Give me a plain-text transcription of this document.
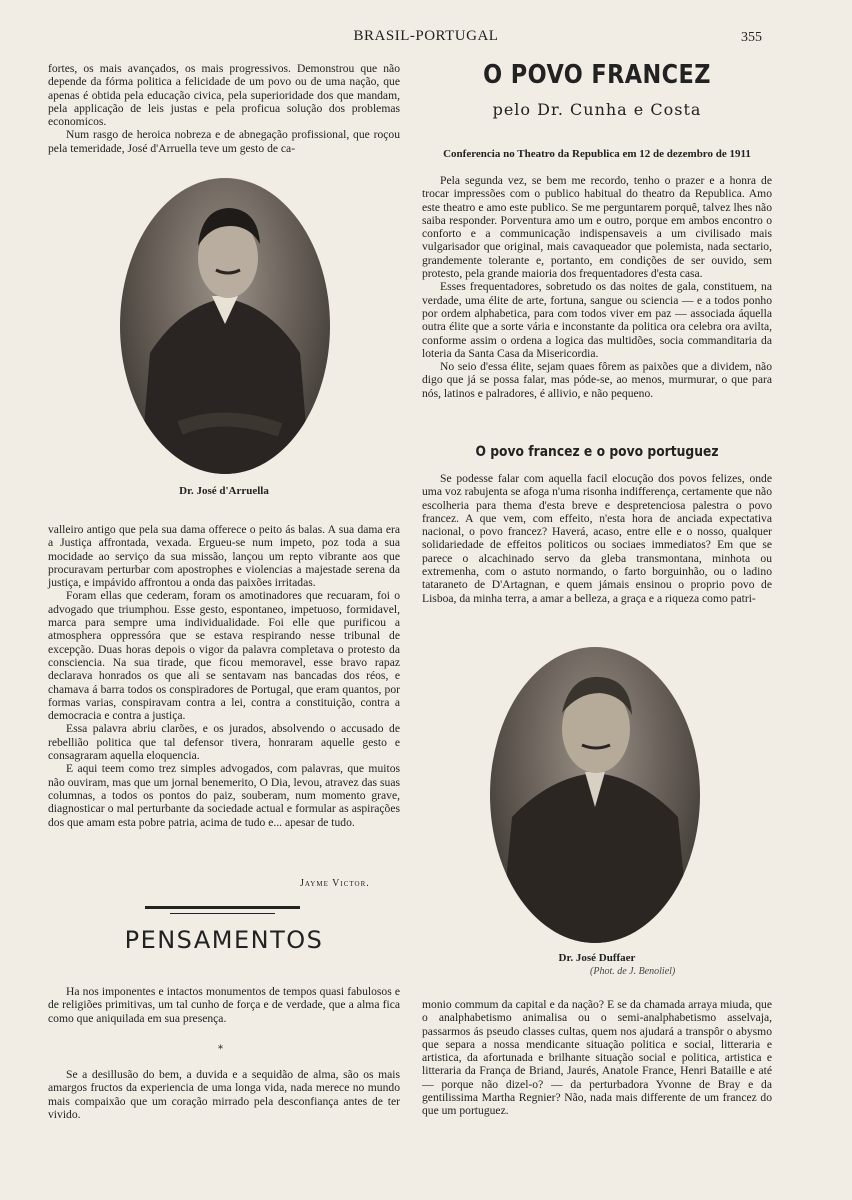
BRASIL-PORTUGAL	355

fortes, os mais avançados, os mais progressivos. Demonstrou que não depende da fórma politica a felicidade de um povo ou de uma nação, que apenas é obtida pela educação civica, pela superioridade dos que mandam, pela applicação de leis justas e pela proficua solução dos problemas economicos.

Num rasgo de heroica nobreza e de abnegação profissional, que roçou pela temeridade, José d'Arruella teve um gesto de ca-

Dr. José d'Arruella

valleiro antigo que pela sua dama offerece o peito ás balas. A sua dama era a Justiça affrontada, vexada. Ergueu-se num impeto, poz toda a sua mocidade ao serviço da sua missão, lançou um repto vibrante aos que procuravam perturbar com apostrophes e violencias a majestade serena da justiça, e impávido affrontou a onda das paixões irritadas.

Foram ellas que cederam, foram os amotinadores que recuaram, foi o advogado que triumphou. Esse gesto, espontaneo, impetuoso, formidavel, marca para sempre uma individualidade. Foi elle que purificou a atmosphera oppressóra que se estava respirando nesse tribunal de excepção. Duas horas depois o vigor da palavra completava o protesto da consciencia. Na sua tirade, que ficou memoravel, esse bravo rapaz declarava honrados os que ali se sentavam nas bancadas dos réos, e chamava á barra todos os conspiradores de Portugal, que eram quantos, por formas varias, conspiravam contra a lei, contra a constituição, contra a democracia e contra a justiça.

Essa palavra abriu clarões, e os jurados, absolvendo o accusado de rebellião politica que tal defensor tivera, honraram aquelle gesto e consagraram aquella eloquencia.

E aqui teem como trez simples advogados, com palavras, que muitos não ouviram, mas que um jornal benemerito, O Dia, levou, atravez das suas columnas, a todos os pontos do paiz, souberam, num momento grave, diagnosticar o mal perturbante da sociedade actual e formular as aspirações dos que amam esta pobre patria, acima de tudo e... apesar de tudo.

Jayme Victor.
PENSAMENTOS

Ha nos imponentes e intactos monumentos de tempos quasi fabulosos e de religiões primitivas, um tal cunho de força e de verdade, que a alma fica como que aniquilada em sua presença.

*

Se a desillusão do bem, a duvida e a sequidão de alma, são os mais amargos fructos da experiencia de uma longa vida, nada merece no mundo mais compaixão que um coração mirrado pela desconfiança antes de ter vivido.

O POVO FRANCEZ
pelo Dr. Cunha e Costa
Conferencia no Theatro da Republica em 12 de dezembro de 1911

Pela segunda vez, se bem me recordo, tenho o prazer e a honra de trocar impressões com o publico habitual do theatro da Republica. Amo este theatro e amo este publico. Se me perguntarem porquê, talvez lhes não saiba responder. Porventura amo um e outro, porque em ambos encontro o conforto e a communicação indispensaveis a um civilisado mais vulgarisador que original, mais cavaqueador que polemista, nada sectario, grandemente tolerante e, portanto, em condições de ser ouvido, sem protesto, pela grande maioria dos frequentadores d'esta casa.

Esses frequentadores, sobretudo os das noites de gala, constituem, na verdade, uma élite de arte, fortuna, sangue ou sciencia — e a todos ponho por ordem alphabetica, para com todos viver em paz — associada áquella outra élite que a sorte vária e inconstante da politica ora celebra ora avilta, conforme assim o ordena a logica das multidões, socia commanditaria da loteria da Santa Casa da Misericordia.

No seio d'essa élite, sejam quaes fôrem as paixões que a dividem, não digo que já se possa falar, mas póde-se, ao menos, murmurar, o que para nós, latinos e palradores, é allivio, e não pequeno.

O povo francez e o povo portuguez

Se podesse falar com aquella facil elocução dos povos felizes, onde uma voz rabujenta se afoga n'uma risonha indifferença, certamente que não escolheria para thema d'esta breve e despretenciosa palestra o povo francez. A que vem, com effeito, n'esta hora de anciada expectativa nacional, o povo francez? Haverá, acaso, entre elle e o nosso, qualquer solidariedade de effeitos politicos ou sociaes immediatos? Em que se parece o alcachinado servo da gleba transmontana, minhota ou extremenha, com o astuto normando, o farto borguinhão, ou o ladino tataraneto de D'Artagnan, e quem jámais ensinou o proprio povo de Lisboa, da minha terra, a amar a belleza, a graça e a riqueza como patri-

Dr. José Duffaer
(Phot. de J. Benoliel)

monio commum da capital e da nação? E se da chamada arraya miuda, que o analphabetismo animalisa ou o semi-analphabetismo asselvaja, passarmos ás pseudo classes cultas, quem nos ajudará a transpôr o abysmo que separa a nossa mendicante situação politica e social, litteraria e artistica, da afortunada e brilhante situação social e politica, artistica e litteraria da França de Briand, Jaurés, Anatole France, Henri Bataille e até — porque não dizel-o? — da perturbadora Yvonne de Bray e da gentilissima Martha Regnier? Não, nada mais differente de um francez do que um portuguez.
